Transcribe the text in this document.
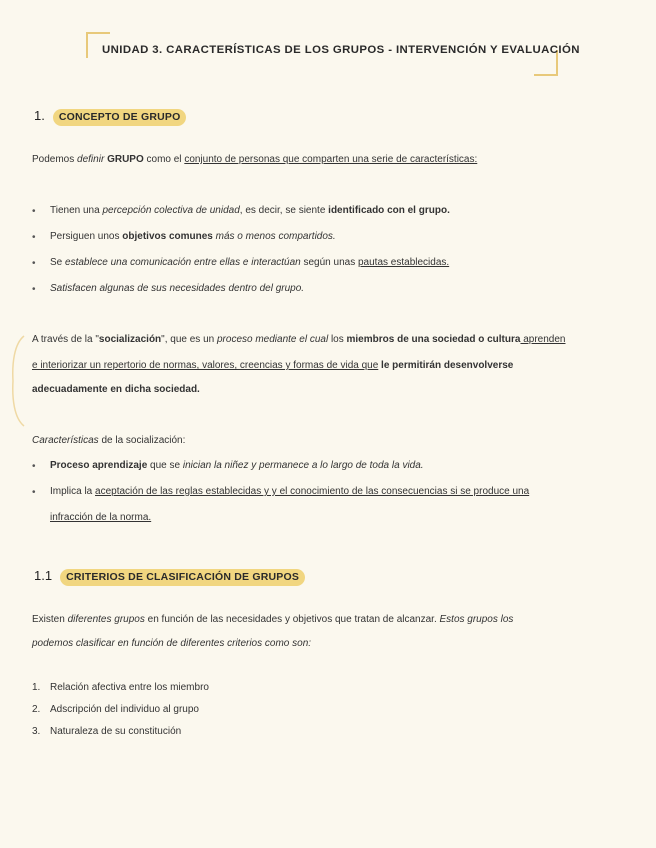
UNIDAD 3. CARACTERÍSTICAS DE LOS GRUPOS - INTERVENCIÓN Y EVALUACIÓN
1. CONCEPTO DE GRUPO
Podemos definir GRUPO como el conjunto de personas que comparten una serie de características:
• Tienen una percepción colectiva de unidad, es decir, se siente identificado con el grupo.
• Persiguen unos objetivos comunes más o menos compartidos.
• Se establece una comunicación entre ellas e interactúan según unas pautas establecidas.
• Satisfacen algunas de sus necesidades dentro del grupo.
A través de la "socialización", que es un proceso mediante el cual los miembros de una sociedad o cultura aprenden
e interiorizar un repertorio de normas, valores, creencias y formas de vida que le permitirán desenvolverse
adecuadamente en dicha sociedad.
Características de la socialización:
• Proceso aprendizaje que se inician la niñez y permanece a lo largo de toda la vida.
• Implica la aceptación de las reglas establecidas y y el conocimiento de las consecuencias si se produce una
infracción de la norma.
1.1 CRITERIOS DE CLASIFICACIÓN DE GRUPOS
Existen diferentes grupos en función de las necesidades y objetivos que tratan de alcanzar. Estos grupos los
podemos clasificar en función de diferentes criterios como son:
1. Relación afectiva entre los miembro
2. Adscripción del individuo al grupo
3. Naturaleza de su constitución
